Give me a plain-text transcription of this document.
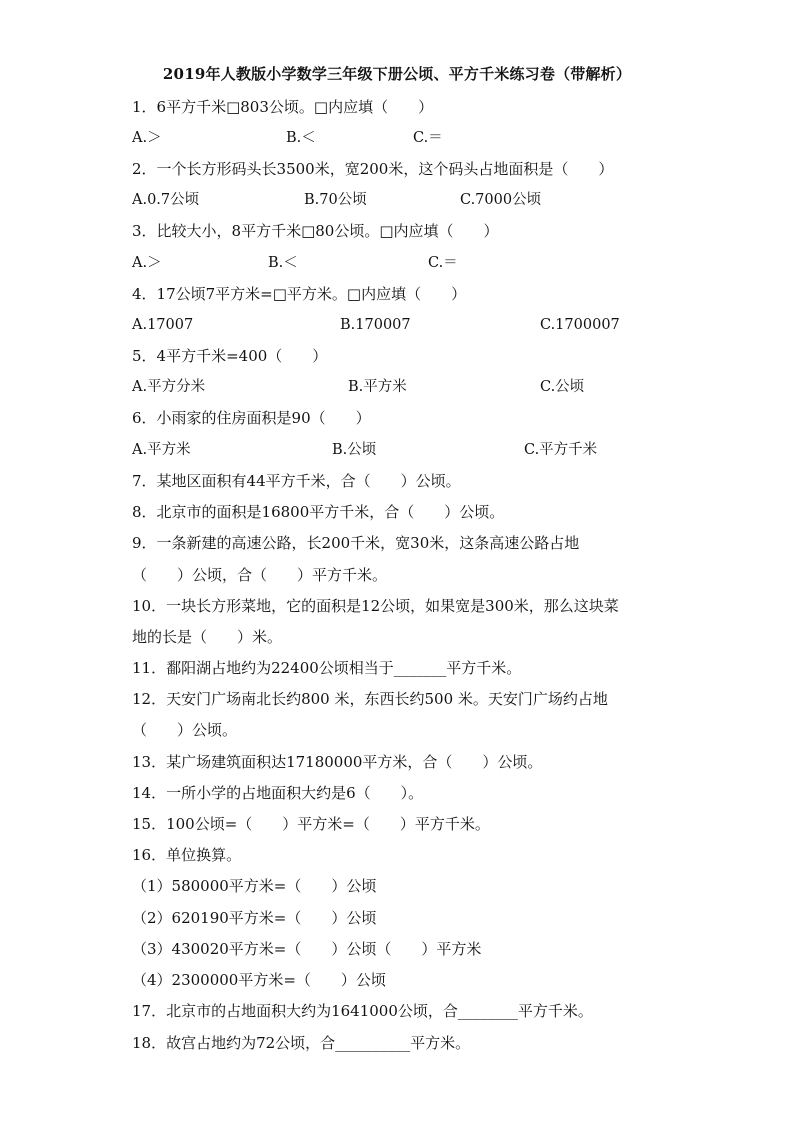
2019年人教版小学数学三年级下册公顷、平方千米练习卷（带解析）
1．6平方千米□803公顷。□内应填（　　）
A.＞	B.＜	C.＝
2．一个长方形码头长3500米，宽200米，这个码头占地面积是（　　）
A.0.7公顷	B.70公顷	C.7000公顷
3．比较大小，8平方千米□80公顷。□内应填（　　）
A.＞	B.＜	C.＝
4．17公顷7平方米=□平方米。□内应填（　　）
A.17007	B.170007	C.1700007
5．4平方千米=400（　　）
A.平方分米	B.平方米	C.公顷
6．小雨家的住房面积是90（　　）
A.平方米	B.公顷	C.平方千米
7．某地区面积有44平方千米，合（　　）公顷。
8．北京市的面积是16800平方千米，合（　　）公顷。
9．一条新建的高速公路，长200千米，宽30米，这条高速公路占地
（　　）公顷，合（　　）平方千米。
10．一块长方形菜地，它的面积是12公顷，如果宽是300米，那么这块菜
地的长是（　　）米。
11．鄱阳湖占地约为22400公顷相当于_______平方千米。
12．天安门广场南北长约800 米，东西长约500 米。天安门广场约占地
（　　）公顷。
13．某广场建筑面积达17180000平方米，合（　　）公顷。
14．一所小学的占地面积大约是6（　　）。
15．100公顷=（　　）平方米=（　　）平方千米。
16．单位换算。
（1）580000平方米=（　　）公顷
（2）620190平方米=（　　）公顷
（3）430020平方米=（　　）公顷（　　）平方米
（4）2300000平方米=（　　）公顷
17．北京市的占地面积大约为1641000公顷，合________平方千米。
18．故宫占地约为72公顷，合__________平方米。
